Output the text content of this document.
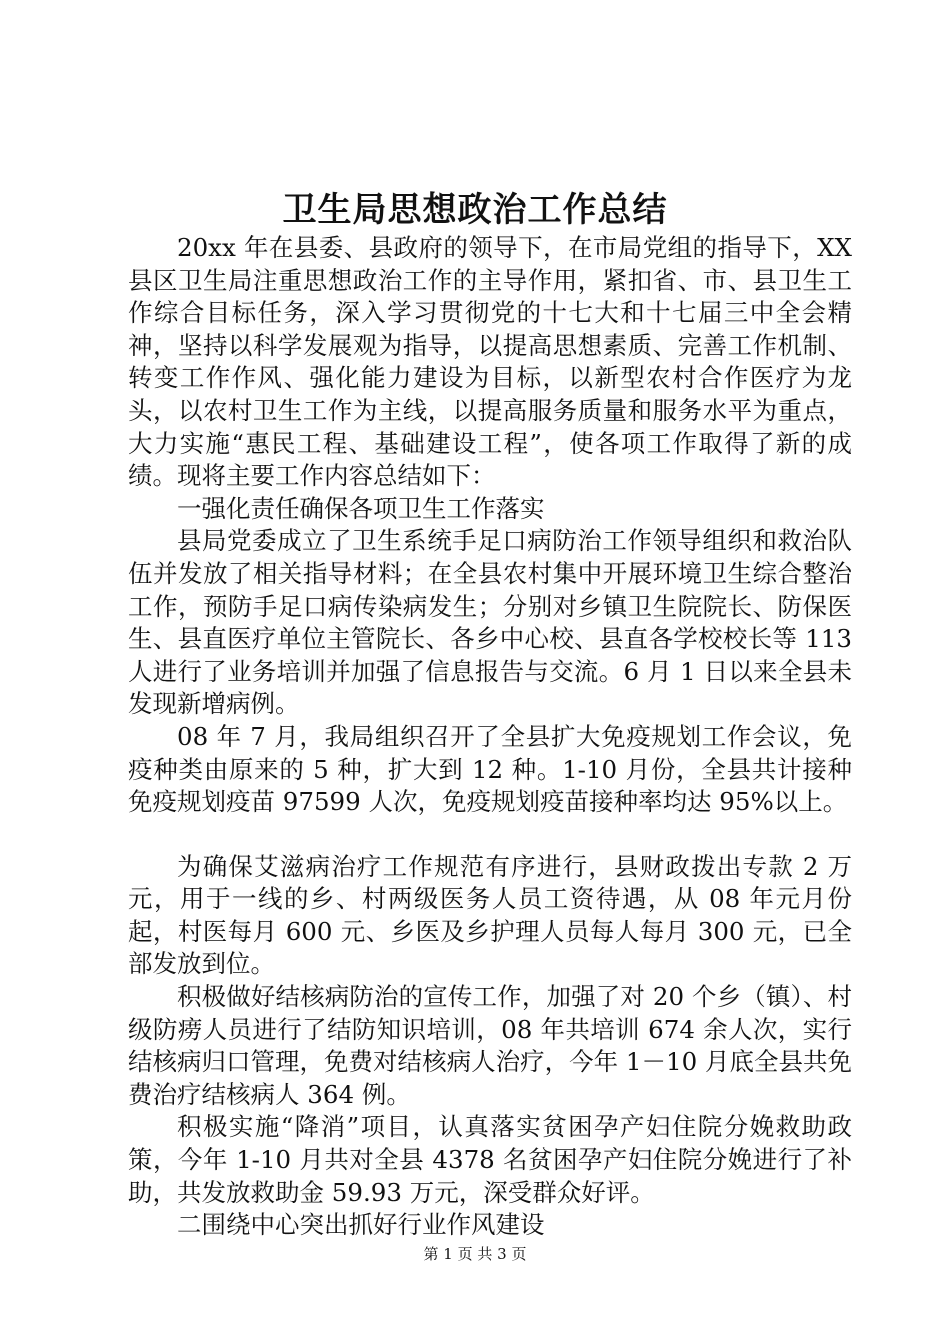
卫生局思想政治工作总结

20xx 年在县委、县政府的领导下，在市局党组的指导下，XX 县区卫生局注重思想政治工作的主导作用，紧扣省、市、县卫生工作综合目标任务，深入学习贯彻党的十七大和十七届三中全会精神，坚持以科学发展观为指导，以提高思想素质、完善工作机制、转变工作作风、强化能力建设为目标，以新型农村合作医疗为龙头，以农村卫生工作为主线，以提高服务质量和服务水平为重点，大力实施“惠民工程、基础建设工程”，使各项工作取得了新的成绩。现将主要工作内容总结如下：

一强化责任确保各项卫生工作落实

县局党委成立了卫生系统手足口病防治工作领导组织和救治队伍并发放了相关指导材料；在全县农村集中开展环境卫生综合整治工作，预防手足口病传染病发生；分别对乡镇卫生院院长、防保医生、县直医疗单位主管院长、各乡中心校、县直各学校校长等 113 人进行了业务培训并加强了信息报告与交流。6 月 1 日以来全县未发现新增病例。

08 年 7 月，我局组织召开了全县扩大免疫规划工作会议，免疫种类由原来的 5 种，扩大到 12 种。1-10 月份，全县共计接种免疫规划疫苗 97599 人次，免疫规划疫苗接种率均达 95%以上。

为确保艾滋病治疗工作规范有序进行，县财政拨出专款 2 万元，用于一线的乡、村两级医务人员工资待遇，从 08 年元月份起，村医每月 600 元、乡医及乡护理人员每人每月 300 元，已全部发放到位。

积极做好结核病防治的宣传工作，加强了对 20 个乡（镇）、村级防痨人员进行了结防知识培训，08 年共培训 674 余人次，实行结核病归口管理，免费对结核病人治疗，今年 1－10 月底全县共免费治疗结核病人 364 例。

积极实施“降消”项目，认真落实贫困孕产妇住院分娩救助政策，今年 1-10 月共对全县 4378 名贫困孕产妇住院分娩进行了补助，共发放救助金 59.93 万元，深受群众好评。

二围绕中心突出抓好行业作风建设

第 1 页 共 3 页
